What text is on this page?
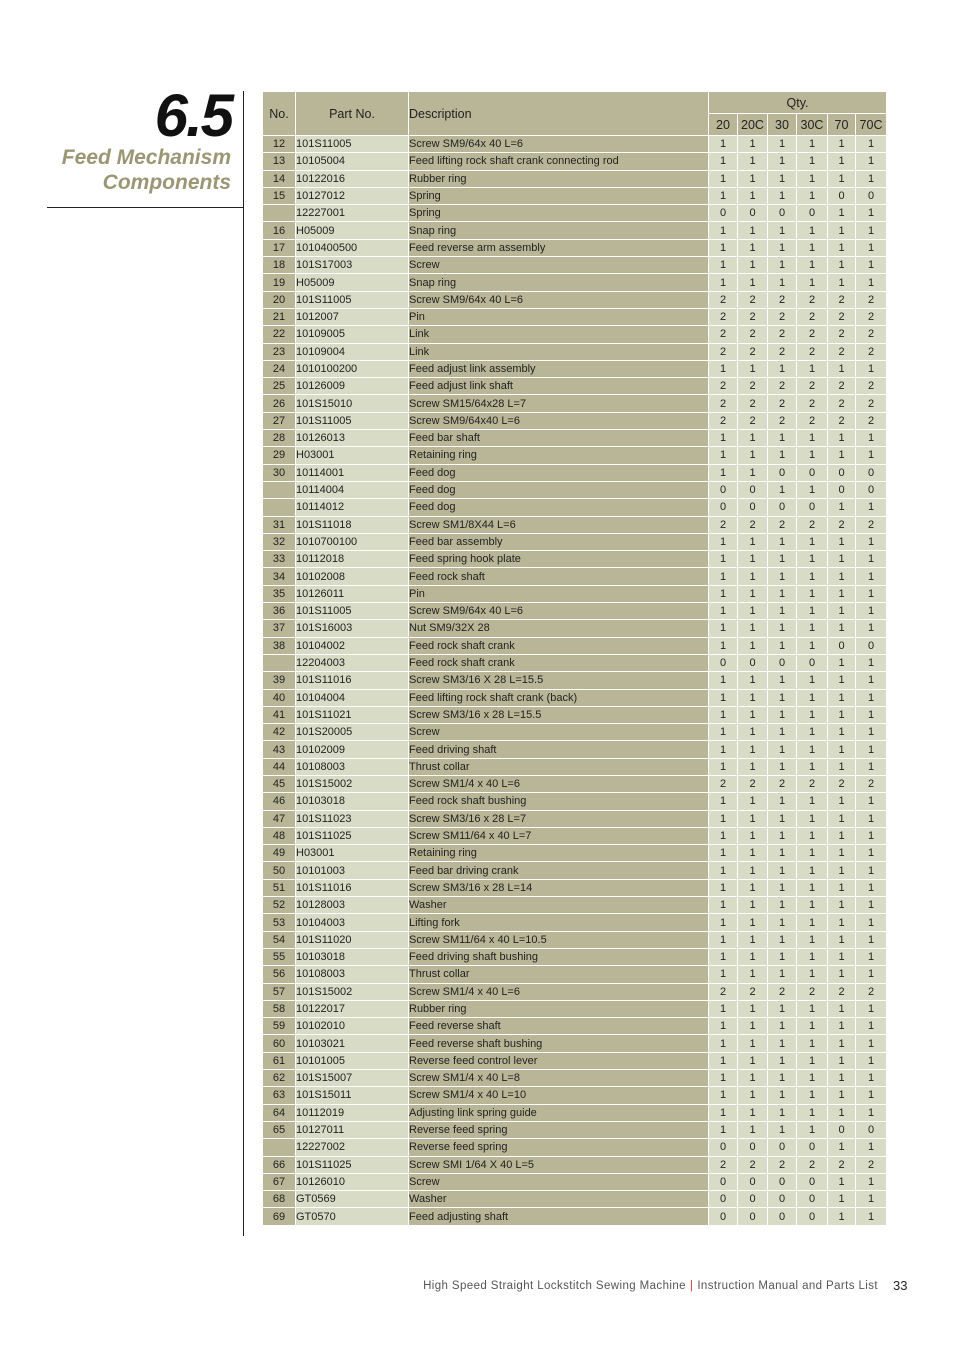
6.5
Feed Mechanism
Components
No.	Part No.	Description	Qty.					
			20	20C	30	30C	70	70C
12	101S11005	Screw SM9/64x 40 L=6	1	1	1	1	1	1
13	10105004	Feed lifting rock shaft crank connecting rod	1	1	1	1	1	1
14	10122016	Rubber ring	1	1	1	1	1	1
15	10127012	Spring	1	1	1	1	0	0
	12227001	Spring	0	0	0	0	1	1
16	H05009	Snap ring	1	1	1	1	1	1
17	1010400500	Feed reverse arm assembly	1	1	1	1	1	1
18	101S17003	Screw	1	1	1	1	1	1
19	H05009	Snap ring	1	1	1	1	1	1
20	101S11005	Screw SM9/64x 40 L=6	2	2	2	2	2	2
21	1012007	Pin	2	2	2	2	2	2
22	10109005	Link	2	2	2	2	2	2
23	10109004	Link	2	2	2	2	2	2
24	1010100200	Feed adjust link assembly	1	1	1	1	1	1
25	10126009	Feed adjust link shaft	2	2	2	2	2	2
26	101S15010	Screw SM15/64x28 L=7	2	2	2	2	2	2
27	101S11005	Screw SM9/64x40 L=6	2	2	2	2	2	2
28	10126013	Feed bar shaft	1	1	1	1	1	1
29	H03001	Retaining ring	1	1	1	1	1	1
30	10114001	Feed dog	1	1	0	0	0	0
	10114004	Feed dog	0	0	1	1	0	0
	10114012	Feed dog	0	0	0	0	1	1
31	101S11018	Screw SM1/8X44 L=6	2	2	2	2	2	2
32	1010700100	Feed bar assembly	1	1	1	1	1	1
33	10112018	Feed spring hook plate	1	1	1	1	1	1
34	10102008	Feed rock shaft	1	1	1	1	1	1
35	10126011	Pin	1	1	1	1	1	1
36	101S11005	Screw SM9/64x 40 L=6	1	1	1	1	1	1
37	101S16003	Nut SM9/32X 28	1	1	1	1	1	1
38	10104002	Feed rock shaft crank	1	1	1	1	0	0
	12204003	Feed rock shaft crank	0	0	0	0	1	1
39	101S11016	Screw SM3/16 X 28 L=15.5	1	1	1	1	1	1
40	10104004	Feed lifting rock shaft crank (back)	1	1	1	1	1	1
41	101S11021	Screw SM3/16 x 28 L=15.5	1	1	1	1	1	1
42	101S20005	Screw	1	1	1	1	1	1
43	10102009	Feed driving shaft	1	1	1	1	1	1
44	10108003	Thrust collar	1	1	1	1	1	1
45	101S15002	Screw SM1/4 x 40 L=6	2	2	2	2	2	2
46	10103018	Feed rock shaft bushing	1	1	1	1	1	1
47	101S11023	Screw SM3/16 x 28 L=7	1	1	1	1	1	1
48	101S11025	Screw SM11/64 x 40 L=7	1	1	1	1	1	1
49	H03001	Retaining ring	1	1	1	1	1	1
50	10101003	Feed bar driving crank	1	1	1	1	1	1
51	101S11016	Screw SM3/16 x 28 L=14	1	1	1	1	1	1
52	10128003	Washer	1	1	1	1	1	1
53	10104003	Lifting fork	1	1	1	1	1	1
54	101S11020	Screw SM11/64 x 40 L=10.5	1	1	1	1	1	1
55	10103018	Feed driving shaft bushing	1	1	1	1	1	1
56	10108003	Thrust collar	1	1	1	1	1	1
57	101S15002	Screw SM1/4 x 40 L=6	2	2	2	2	2	2
58	10122017	Rubber ring	1	1	1	1	1	1
59	10102010	Feed reverse shaft	1	1	1	1	1	1
60	10103021	Feed reverse shaft bushing	1	1	1	1	1	1
61	10101005	Reverse feed control lever	1	1	1	1	1	1
62	101S15007	Screw SM1/4 x 40 L=8	1	1	1	1	1	1
63	101S15011	Screw SM1/4 x 40 L=10	1	1	1	1	1	1
64	10112019	Adjusting link spring guide	1	1	1	1	1	1
65	10127011	Reverse feed spring	1	1	1	1	0	0
	12227002	Reverse feed spring	0	0	0	0	1	1
66	101S11025	Screw SMI 1/64 X 40 L=5	2	2	2	2	2	2
67	10126010	Screw	0	0	0	0	1	1
68	GT0569	Washer	0	0	0	0	1	1
69	GT0570	Feed adjusting shaft	0	0	0	0	1	1
High Speed Straight Lockstitch Sewing Machine | Instruction Manual and Parts List 33
